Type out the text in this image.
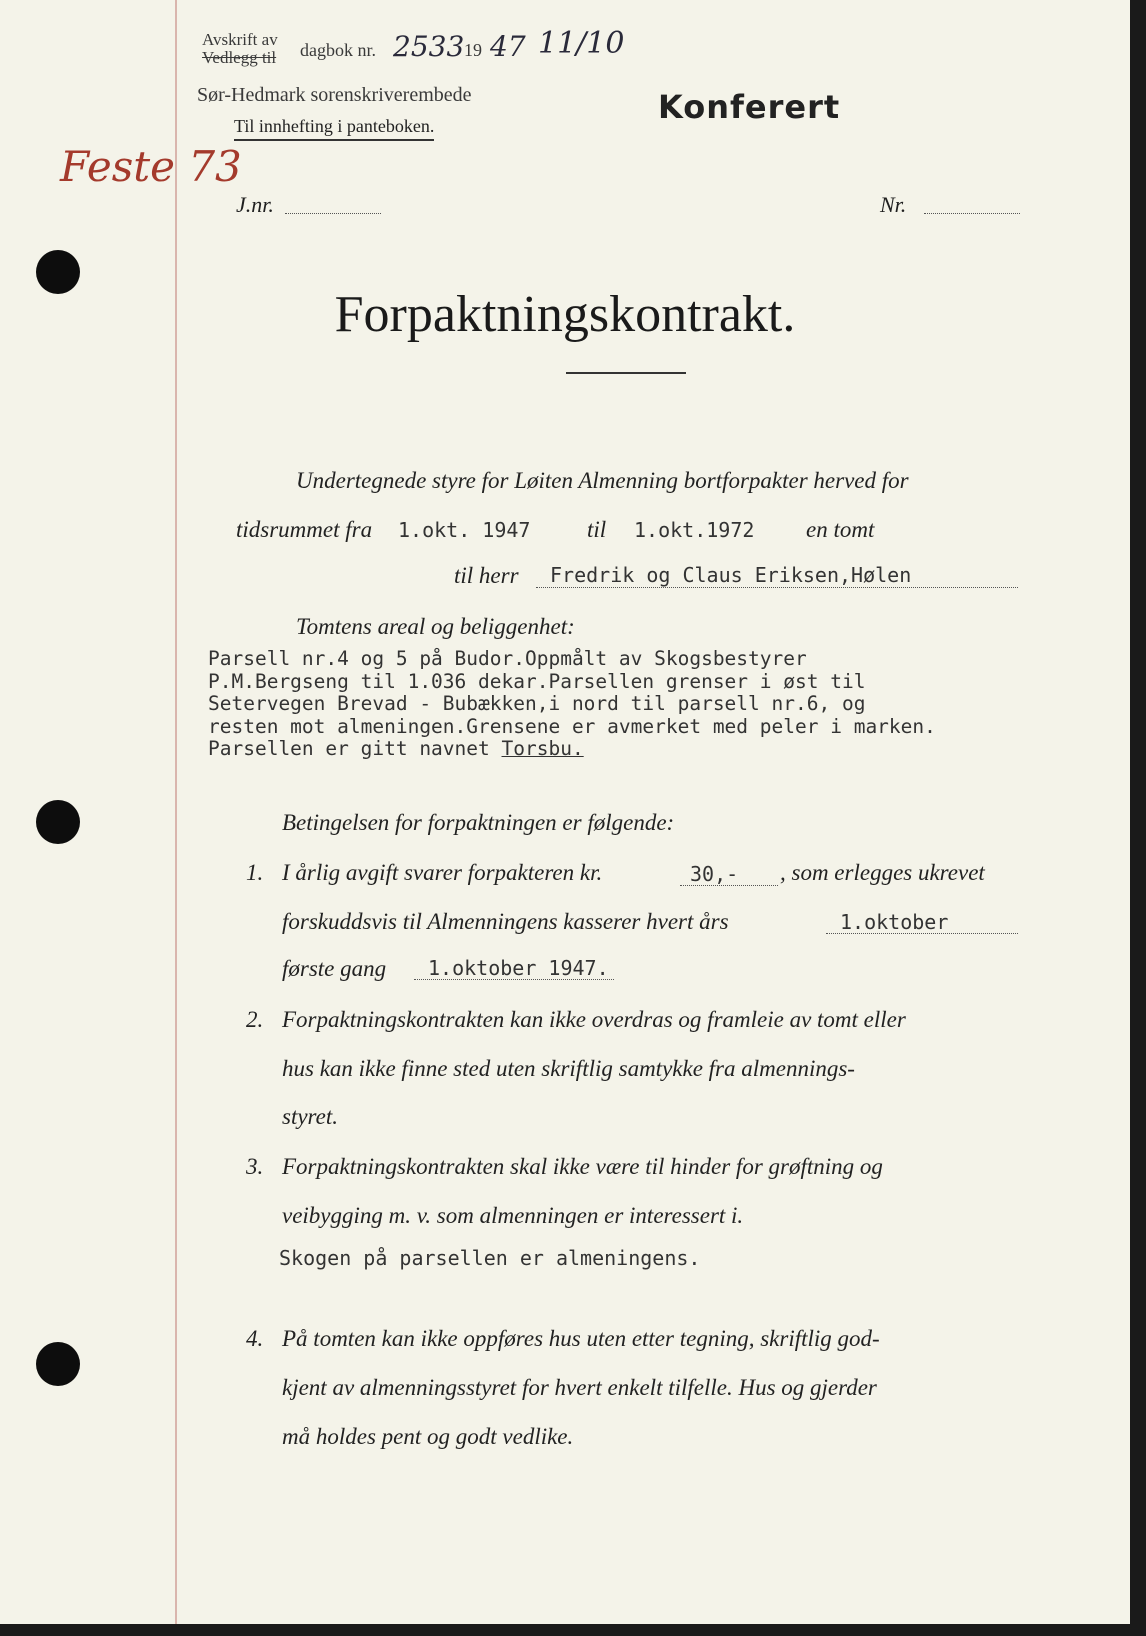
Avskrift av
Vedlegg til dagbok nr. 2533 19 47 11/10
Sør-Hedmark sorenskriverembede
Til innhefting i panteboken.	Konferert
Feste 73
J.nr.	Nr.
Forpaktningskontrakt.
Undertegnede styre for Løiten Almenning bortforpakter herved for
tidsrummet fra 1.okt. 1947 til 1.okt.1972 en tomt
til herr Fredrik og Claus Eriksen,Hølen
Tomtens areal og beliggenhet:
Parsell nr.4 og 5 på Budor.Oppmålt av Skogsbestyrer
P.M.Bergseng til 1.036 dekar.Parsellen grenser i øst til
Setervegen Brevad - Bubækken,i nord til parsell nr.6, og
resten mot almeningen.Grensene er avmerket med peler i marken.
Parsellen er gitt navnet Torsbu.
Betingelsen for forpaktningen er følgende:
1. I årlig avgift svarer forpakteren kr.	30,- , som erlegges ukrevet
forskuddsvis til Almenningens kasserer hvert års	1.oktober
første gang 1.oktober 1947.
2. Forpaktningskontrakten kan ikke overdras og framleie av tomt eller
hus kan ikke finne sted uten skriftlig samtykke fra almennings-
styret.
3. Forpaktningskontrakten skal ikke være til hinder for grøftning og
veibygging m. v. som almenningen er interessert i.
Skogen på parsellen er almeningens.
4. På tomten kan ikke oppføres hus uten etter tegning, skriftlig god-
kjent av almenningsstyret for hvert enkelt tilfelle. Hus og gjerder
må holdes pent og godt vedlike.
